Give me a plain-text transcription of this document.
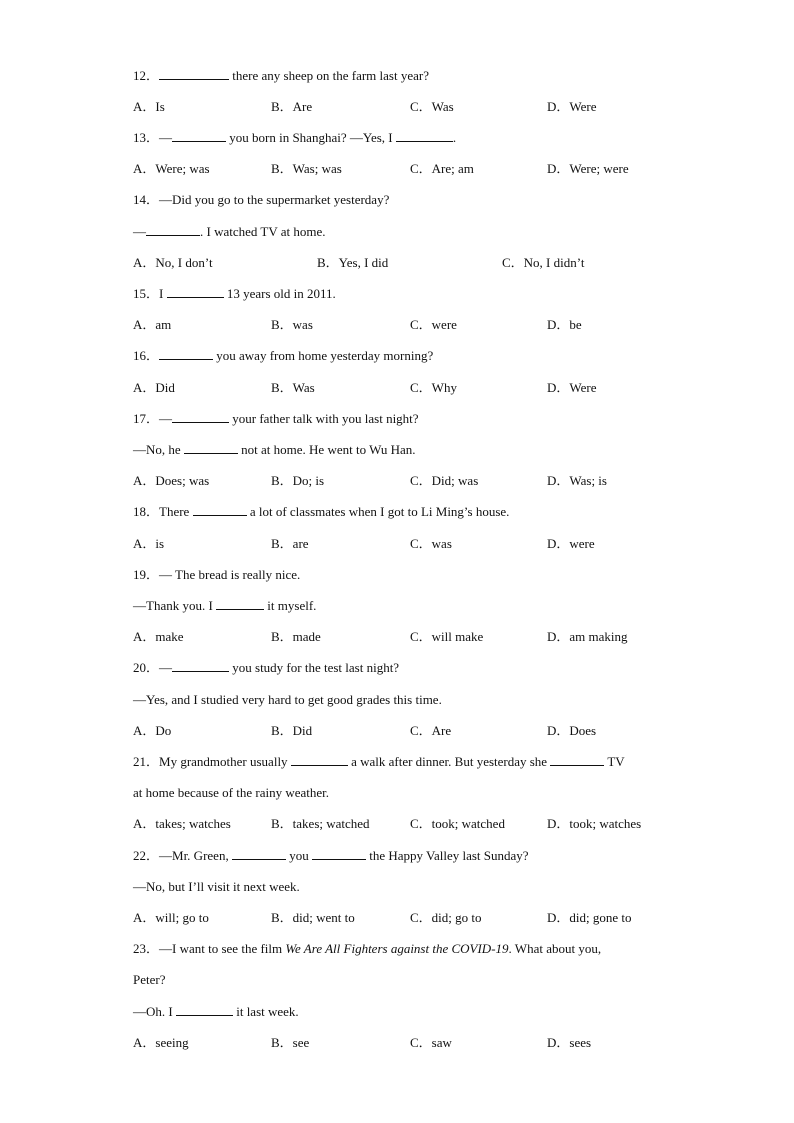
12．	there any sheep on the farm last year?
A．Is	B．Are	C．Was	D．Were
13．—	you born in Shanghai? —Yes, I	.
A．Were; was	B．Was; was	C．Are; am	D．Were; were
14．—Did you go to the supermarket yesterday?
—	. I watched TV at home.
A．No, I don’t	B．Yes, I did	C．No, I didn’t
15．I	13 years old in 2011.
A．am	B．was	C．were	D．be
16．	you away from home yesterday morning?
A．Did	B．Was	C．Why	D．Were
17．—	your father talk with you last night?
—No, he	not at home. He went to Wu Han.
A．Does; was	B．Do; is	C．Did; was	D．Was; is
18．There	a lot of classmates when I got to Li Ming’s house.
A．is	B．are	C．was	D．were
19．— The bread is really nice.
—Thank you. I	it myself.
A．make	B．made	C．will make	D．am making
20．—	you study for the test last night?
—Yes, and I studied very hard to get good grades this time.
A．Do	B．Did	C．Are	D．Does
21．My grandmother usually	a walk after dinner. But yesterday she	TV
at home because of the rainy weather.
A．takes; watches	B．takes; watched	C．took; watched	D．took; watches
22．—Mr. Green,	you	the Happy Valley last Sunday?
—No, but I’ll visit it next week.
A．will; go to	B．did; went to	C．did; go to	D．did; gone to
23．—I want to see the film We Are All Fighters against the COVID-19. What about you,
Peter?
—Oh. I	it last week.
A．seeing	B．see	C．saw	D．sees
